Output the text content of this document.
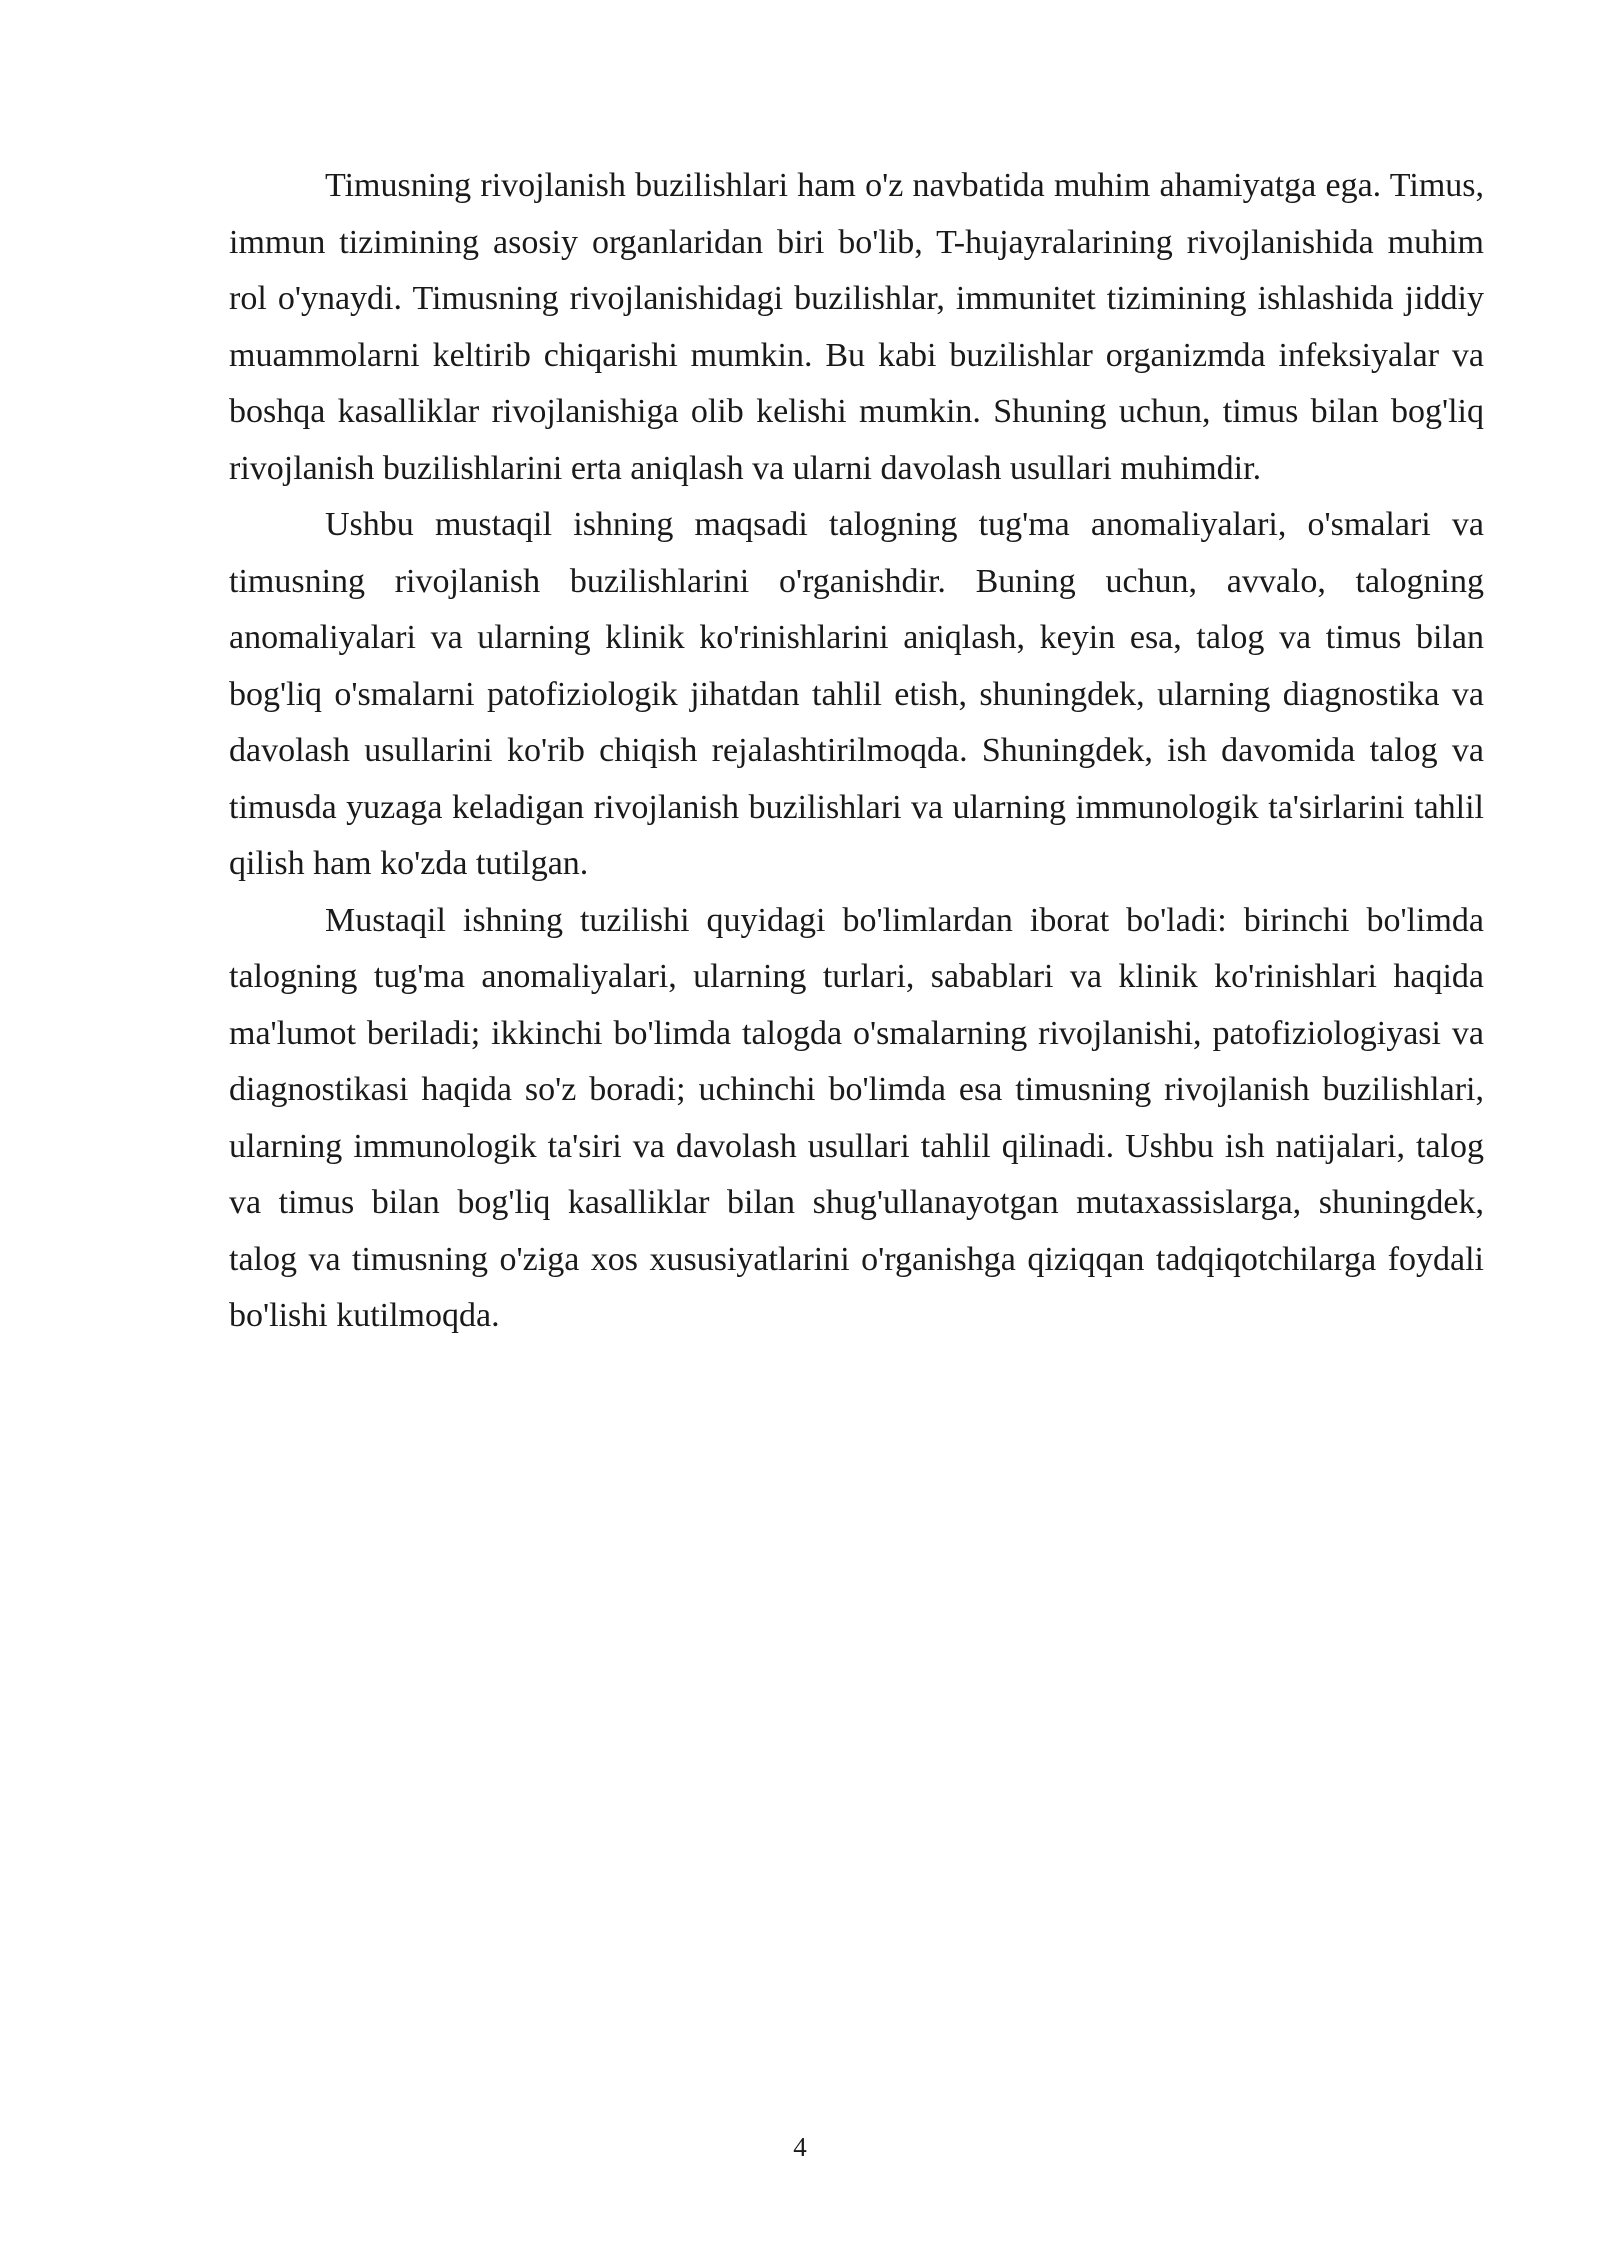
Timusning rivojlanish buzilishlari ham o'z navbatida muhim ahamiyatga ega. Timus, immun tizimining asosiy organlaridan biri bo'lib, T-hujayralarining rivojlanishida muhim rol o'ynaydi. Timusning rivojlanishidagi buzilishlar, immunitet tizimining ishlashida jiddiy muammolarni keltirib chiqarishi mumkin. Bu kabi buzilishlar organizmda infeksiyalar va boshqa kasalliklar rivojlanishiga olib kelishi mumkin. Shuning uchun, timus bilan bog'liq rivojlanish buzilishlarini erta aniqlash va ularni davolash usullari muhimdir.

Ushbu mustaqil ishning maqsadi talogning tug'ma anomaliyalari, o'smalari va timusning rivojlanish buzilishlarini o'rganishdir. Buning uchun, avvalo, talogning anomaliyalari va ularning klinik ko'rinishlarini aniqlash, keyin esa, talog va timus bilan bog'liq o'smalarni patofiziologik jihatdan tahlil etish, shuningdek, ularning diagnostika va davolash usullarini ko'rib chiqish rejalashtirilmoqda. Shuningdek, ish davomida talog va timusda yuzaga keladigan rivojlanish buzilishlari va ularning immunologik ta'sirlarini tahlil qilish ham ko'zda tutilgan.

Mustaqil ishning tuzilishi quyidagi bo'limlardan iborat bo'ladi: birinchi bo'limda talogning tug'ma anomaliyalari, ularning turlari, sabablari va klinik ko'rinishlari haqida ma'lumot beriladi; ikkinchi bo'limda talogda o'smalarning rivojlanishi, patofiziologiyasi va diagnostikasi haqida so'z boradi; uchinchi bo'limda esa timusning rivojlanish buzilishlari, ularning immunologik ta'siri va davolash usullari tahlil qilinadi. Ushbu ish natijalari, talog va timus bilan bog'liq kasalliklar bilan shug'ullanayotgan mutaxassislarga, shuningdek, talog va timusning o'ziga xos xususiyatlarini o'rganishga qiziqqan tadqiqotchilarga foydali bo'lishi kutilmoqda.

4
